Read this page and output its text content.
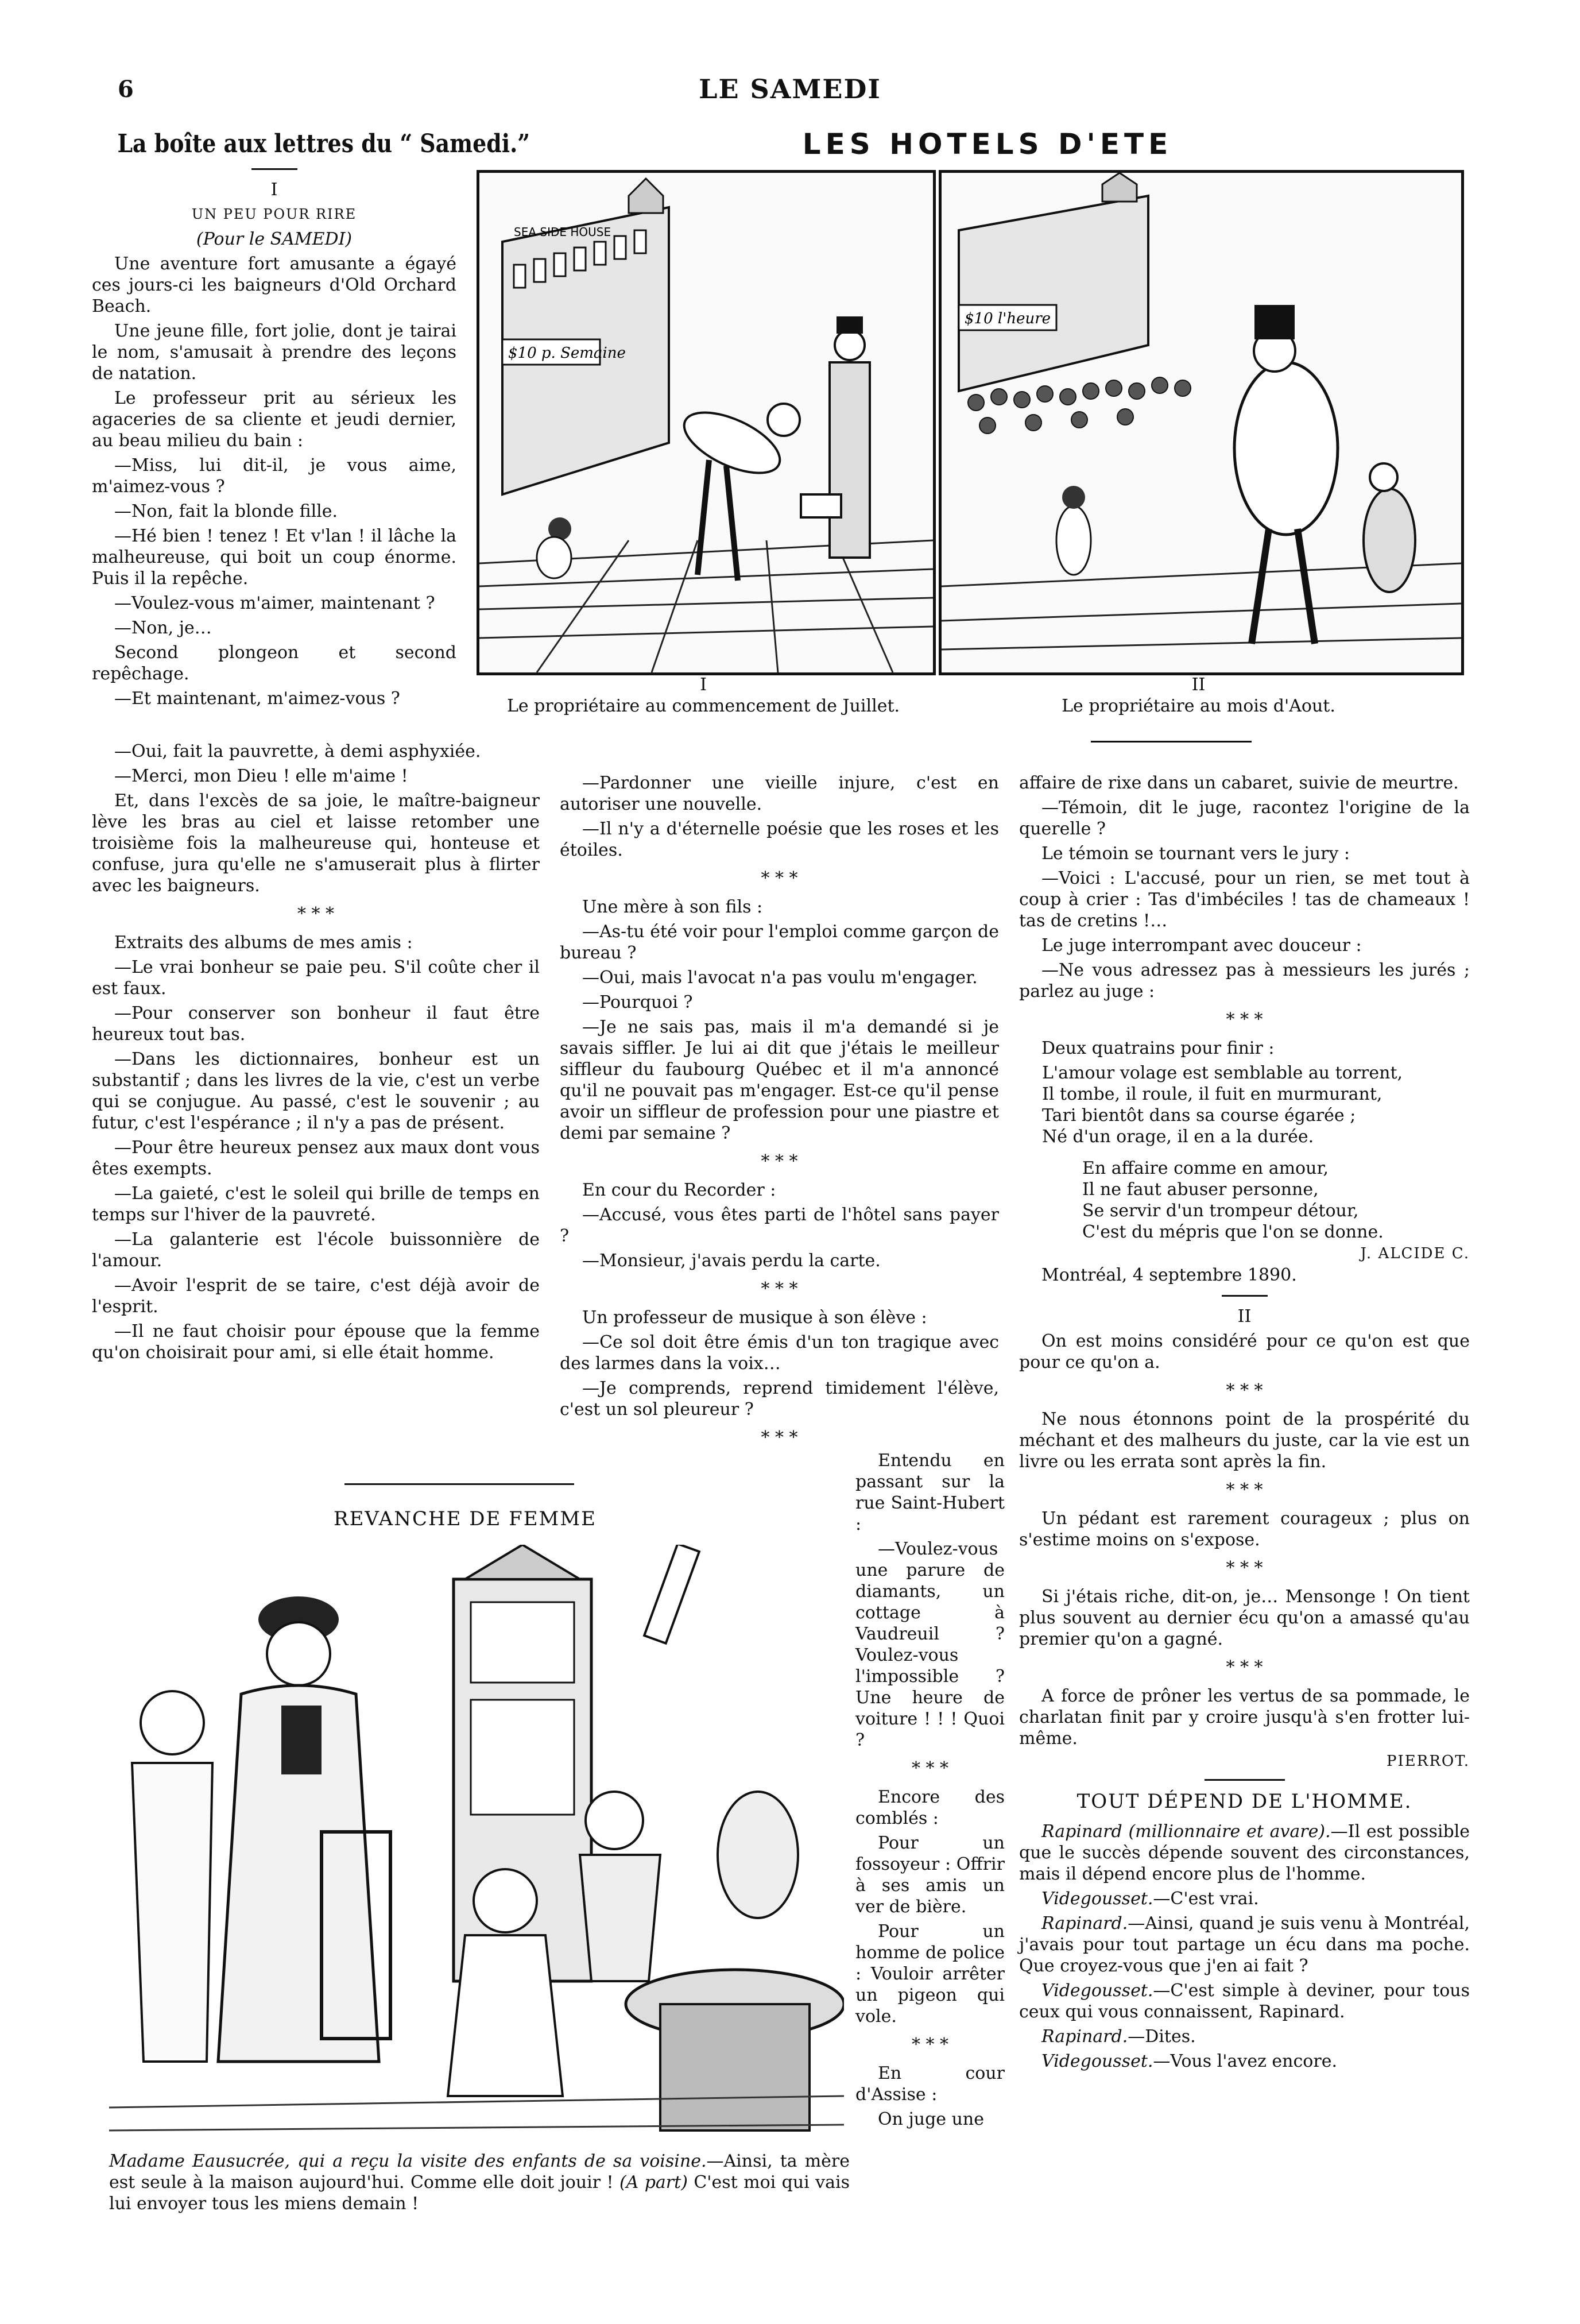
6	LE SAMEDI
La boîte aux lettres du “ Samedi.”
I
UN PEU POUR RIRE
(Pour le SAMEDI)

Une aventure fort amusante a égayé ces jours-ci les baigneurs d'Old Orchard Beach.

Une jeune fille, fort jolie, dont je tairai le nom, s'amusait à prendre des leçons de natation.

Le professeur prit au sérieux les agaceries de sa cliente et jeudi dernier, au beau milieu du bain :

—Miss, lui dit-il, je vous aime, m'aimez-vous ?

—Non, fait la blonde fille.

—Hé bien ! tenez ! Et v'lan ! il lâche la malheureuse, qui boit un coup énorme. Puis il la repêche.

—Voulez-vous m'aimer, maintenant ?

—Non, je…

Second plongeon et second repêchage.

—Et maintenant, m'aimez-vous ?

—Oui, fait la pauvrette, à demi asphyxiée.

—Merci, mon Dieu ! elle m'aime !

Et, dans l'excès de sa joie, le maître-baigneur lève les bras au ciel et laisse retomber une troisième fois la malheureuse qui, honteuse et confuse, jura qu'elle ne s'amuserait plus à flirter avec les baigneurs.

* * *

Extraits des albums de mes amis :

—Le vrai bonheur se paie peu. S'il coûte cher il est faux.

—Pour conserver son bonheur il faut être heureux tout bas.

—Dans les dictionnaires, bonheur est un substantif ; dans les livres de la vie, c'est un verbe qui se conjugue. Au passé, c'est le souvenir ; au futur, c'est l'espérance ; il n'y a pas de présent.

—Pour être heureux pensez aux maux dont vous êtes exempts.

—La gaieté, c'est le soleil qui brille de temps en temps sur l'hiver de la pauvreté.

—La galanterie est l'école buissonnière de l'amour.

—Avoir l'esprit de se taire, c'est déjà avoir de l'esprit.

—Il ne faut choisir pour épouse que la femme qu'on choisirait pour ami, si elle était homme.

LES HOTELS D'ETE
$10 p. Semaine
SEA SIDE HOUSE
$10 l'heure
I
Le propriétaire au commencement de Juillet.
II
Le propriétaire au mois d'Aout.

—Pardonner une vieille injure, c'est en autoriser une nouvelle.

—Il n'y a d'éternelle poésie que les roses et les étoiles.

* * *

Une mère à son fils :

—As-tu été voir pour l'emploi comme garçon de bureau ?

—Oui, mais l'avocat n'a pas voulu m'engager.

—Pourquoi ?

—Je ne sais pas, mais il m'a demandé si je savais siffler. Je lui ai dit que j'étais le meilleur siffleur du faubourg Québec et il m'a annoncé qu'il ne pouvait pas m'engager. Est-ce qu'il pense avoir un siffleur de profession pour une piastre et demi par semaine ?

* * *

En cour du Recorder :

—Accusé, vous êtes parti de l'hôtel sans payer ?

—Monsieur, j'avais perdu la carte.

* * *

Un professeur de musique à son élève :

—Ce sol doit être émis d'un ton tragique avec des larmes dans la voix…

—Je comprends, reprend timidement l'élève, c'est un sol pleureur ?

* * *

affaire de rixe dans un cabaret, suivie de meurtre.

—Témoin, dit le juge, racontez l'origine de la querelle ?

Le témoin se tournant vers le jury :

—Voici : L'accusé, pour un rien, se met tout à coup à crier : Tas d'imbéciles ! tas de chameaux ! tas de cretins !…

Le juge interrompant avec douceur :

—Ne vous adressez pas à messieurs les jurés ; parlez au juge :

* * *

Deux quatrains pour finir :

L'amour volage est semblable au torrent,

Il tombe, il roule, il fuit en murmurant,

Tari bientôt dans sa course égarée ;

Né d'un orage, il en a la durée.

En affaire comme en amour,

Il ne faut abuser personne,

Se servir d'un trompeur détour,

C'est du mépris que l'on se donne.

J. ALCIDE C.

Montréal, 4 septembre 1890.

II

On est moins considéré pour ce qu'on est que pour ce qu'on a.

* * *

Ne nous étonnons point de la prospérité du méchant et des malheurs du juste, car la vie est un livre ou les errata sont après la fin.

* * *

Un pédant est rarement courageux ; plus on s'estime moins on s'expose.

* * *

Si j'étais riche, dit-on, je… Mensonge ! On tient plus souvent au dernier écu qu'on a amassé qu'au premier qu'on a gagné.

* * *

A force de prôner les vertus de sa pommade, le charlatan finit par y croire jusqu'à s'en frotter lui-même.

PIERROT.
TOUT DÉPEND DE L'HOMME.

Rapinard (millionnaire et avare).—Il est possible que le succès dépende souvent des circonstances, mais il dépend encore plus de l'homme.

Videgousset.—C'est vrai.

Rapinard.—Ainsi, quand je suis venu à Montréal, j'avais pour tout partage un écu dans ma poche. Que croyez-vous que j'en ai fait ?

Videgousset.—C'est simple à deviner, pour tous ceux qui vous connaissent, Rapinard.

Rapinard.—Dites.

Videgousset.—Vous l'avez encore.

REVANCHE DE FEMME
Madame Eausucrée, qui a reçu la visite des enfants de sa voisine.—Ainsi, ta mère est seule à la maison aujourd'hui. Comme elle doit jouir ! (A part) C'est moi qui vais lui envoyer tous les miens demain !

Entendu en passant sur la rue Saint-Hubert :

—Voulez-vous une parure de diamants, un cottage à Vaudreuil ? Voulez-vous l'impossible ? Une heure de voiture ! ! ! Quoi ?

* * *

Encore des comblés :

Pour un fossoyeur : Offrir à ses amis un ver de bière.

Pour un homme de police : Vouloir arrêter un pigeon qui vole.

* * *

En cour d'Assise :

On juge une
